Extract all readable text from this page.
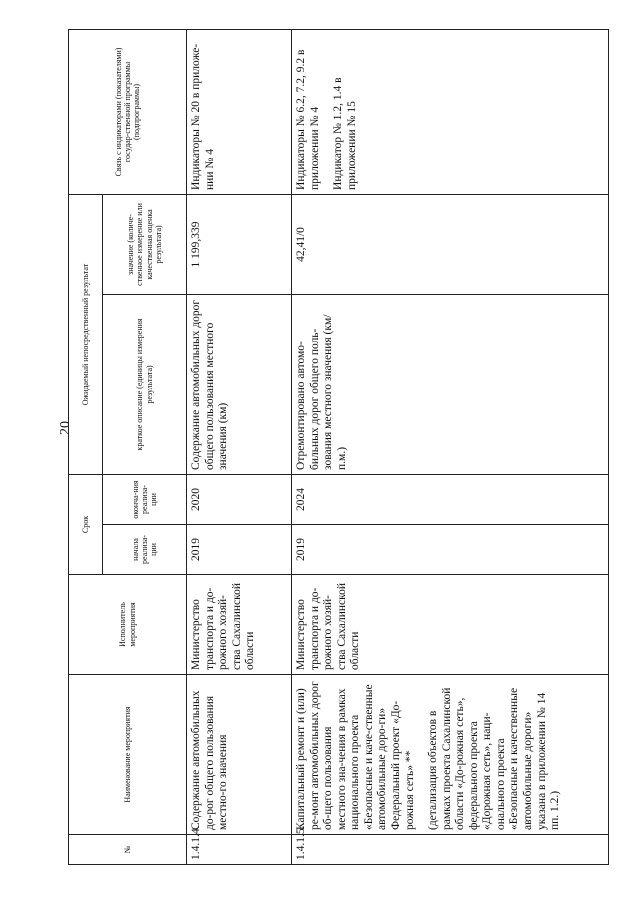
20
№	Наименование мероприятия	Исполнитель мероприятия	Срок		Ожидаемый непосредственный результат		Связь с индикаторами (показателями) государ-ственной программы (подпрограммы)
			начала реализа-ции	оконча-ния реализа-ции	краткое описание (единицы измерения результата)	значение (количе-ственное измерение или качественная оценка результата)	
1.4.1.4.	Содержание автомобильных до-рог общего пользования местно-го значения	Министерство транспорта и до-рожного хозяй-ства Сахалинской области	2019	2020	Содержание автомобильных дорог общего пользования местного значения (км)	1 199,339	Индикаторы № 20 в приложе-нии № 4

1.4.1.5.	Капитальный ремонт и (или) ре-монт автомобильных дорог об-щего пользования местного зна-чения в рамках национального проекта «Безопасные и каче-ственные автомобильные доро-ги» Федеральный проект «До-рожная сеть» ** (детализация объектов в рамках проекта Сахалинской области «До-рожная сеть», федерального проекта «Дорожная сеть», наци-онального проекта «Безопасные и качественные автомобильные дороги» указана в приложении № 14 пп. 1.2.)	Министерство транспорта и до-рожного хозяй-ства Сахалинской области	2019	2024	Отремонтировано автомо-бильных дорог общего поль-зования местного значения (км/п.м.)	42,41/0	Индикаторы № 6.2, 7.2, 9.2 в приложении № 4 Индикатор № 1.2, 1.4 в приложении № 15
